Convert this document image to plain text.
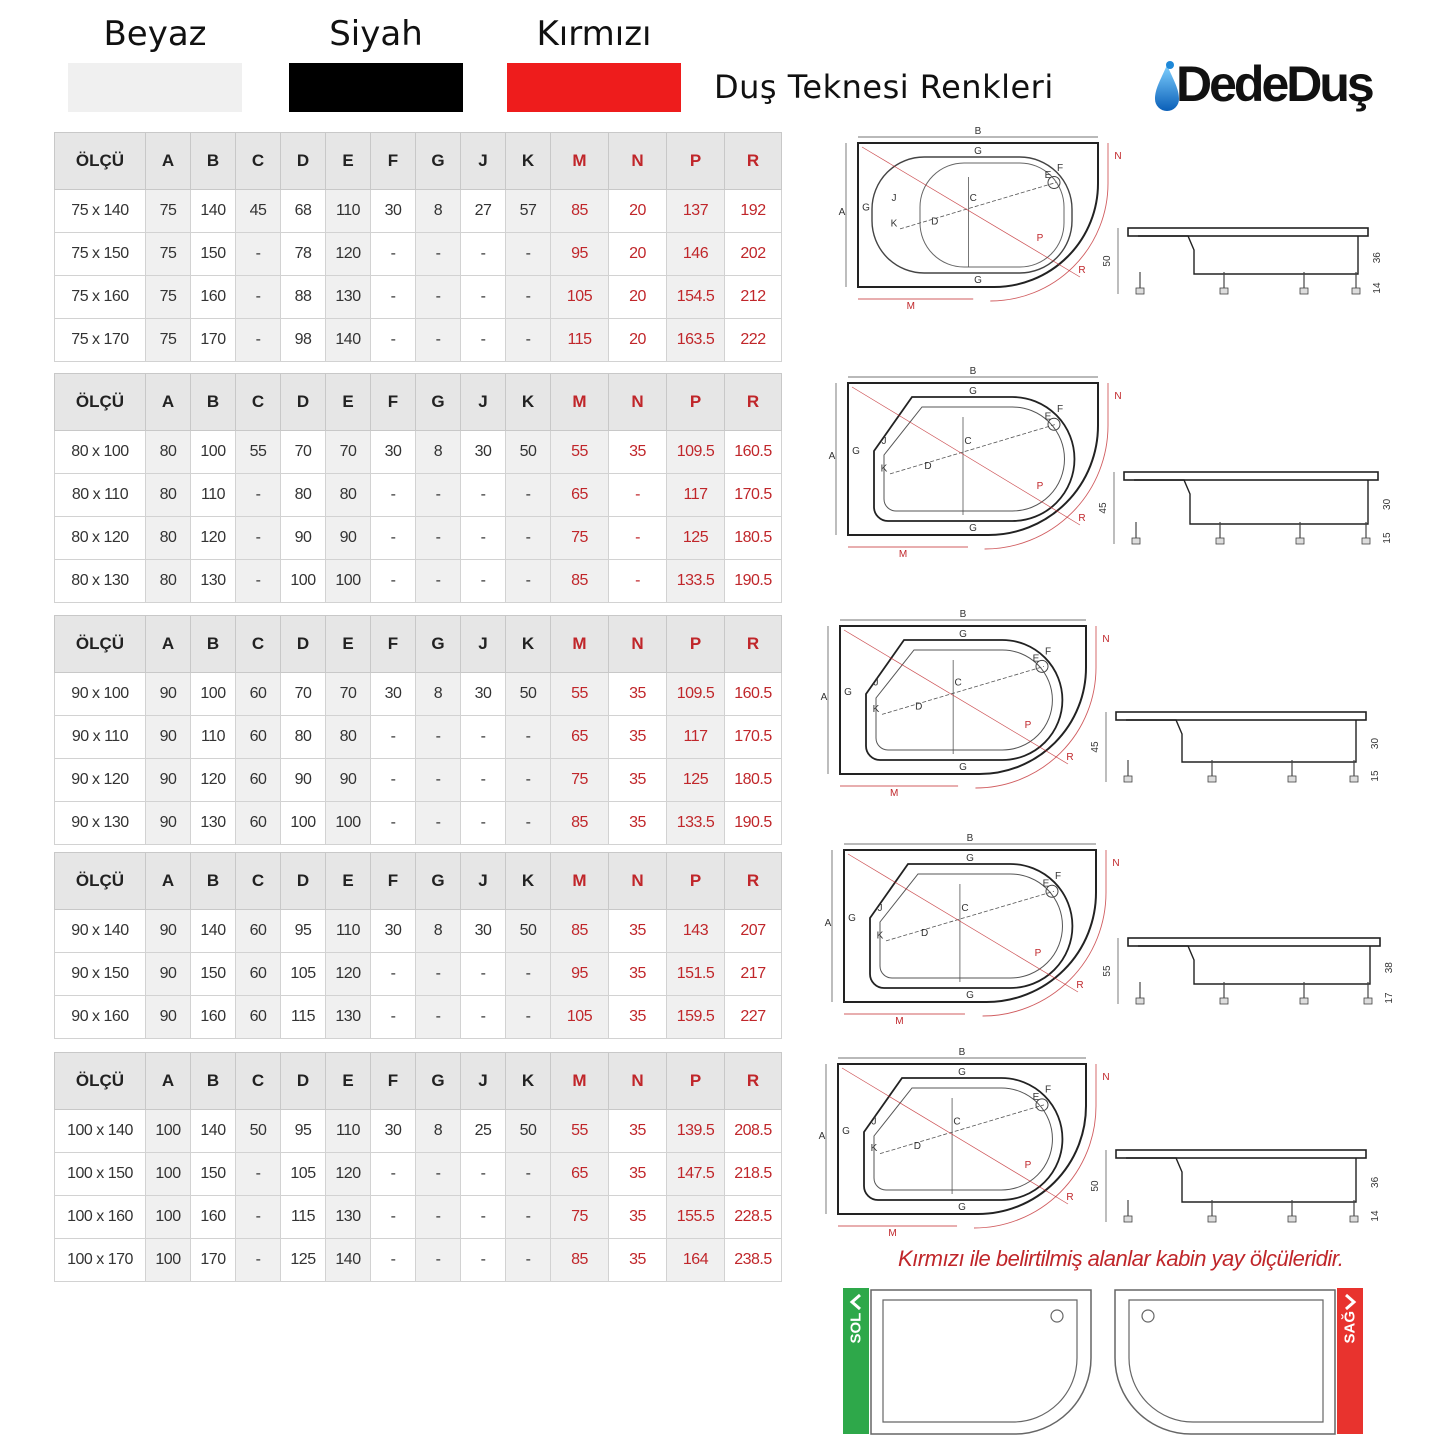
Beyaz	Siyah	Kırmızı
Duş Teknesi Renkleri DedeDuş
ÖLÇÜ	A	B	C	D	E	F	G	J	K	M	N	P	R
75 x 140	75	140	45	68	110	30	8	27	57	85	20	137	192
75 x 150	75	150	-	78	120	-	-	-	-	95	20	146	202
75 x 160	75	160	-	88	130	-	-	-	-	105	20	154.5	212
75 x 170	75	170	-	98	140	-	-	-	-	115	20	163.5	222
ÖLÇÜ	A	B	C	D	E	F	G	J	K	M	N	P	R
80 x 100	80	100	55	70	70	30	8	30	50	55	35	109.5	160.5
80 x 110	80	110	-	80	80	-	-	-	-	65	-	117	170.5
80 x 120	80	120	-	90	90	-	-	-	-	75	-	125	180.5
80 x 130	80	130	-	100	100	-	-	-	-	85	-	133.5	190.5
ÖLÇÜ	A	B	C	D	E	F	G	J	K	M	N	P	R
90 x 100	90	100	60	70	70	30	8	30	50	55	35	109.5	160.5
90 x 110	90	110	60	80	80	-	-	-	-	65	35	117	170.5
90 x 120	90	120	60	90	90	-	-	-	-	75	35	125	180.5
90 x 130	90	130	60	100	100	-	-	-	-	85	35	133.5	190.5
ÖLÇÜ	A	B	C	D	E	F	G	J	K	M	N	P	R
90 x 140	90	140	60	95	110	30	8	30	50	85	35	143	207
90 x 150	90	150	60	105	120	-	-	-	-	95	35	151.5	217
90 x 160	90	160	60	115	130	-	-	-	-	105	35	159.5	227
ÖLÇÜ	A	B	C	D	E	F	G	J	K	M	N	P	R
100 x 140	100	140	50	95	110	30	8	25	50	55	35	139.5	208.5
100 x 150	100	150	-	105	120	-	-	-	-	65	35	147.5	218.5
100 x 160	100	160	-	115	130	-	-	-	-	75	35	155.5	228.5
100 x 170	100	170	-	125	140	-	-	-	-	85	35	164	238.5
B
G
G
A
C
D
E
F
G
J
K
M
N
P
R
50	36
14
B
G
G
A
C
D
E
F
G
J
K
M
N
P
R
45	30
15
B
G
G
A
C
D
E
F
G
J
K
M
N
P
R
45	30
15
B
G
G
A
C
D
E
F
G
J
K
M
N
P
R
55	38
17
B
G
G
A
C
D
E
F
G
J
K
M
N
P
R
50	36
14
Kırmızı ile belirtilmiş alanlar kabin yay ölçüleridir.
SOL	SAĞ
